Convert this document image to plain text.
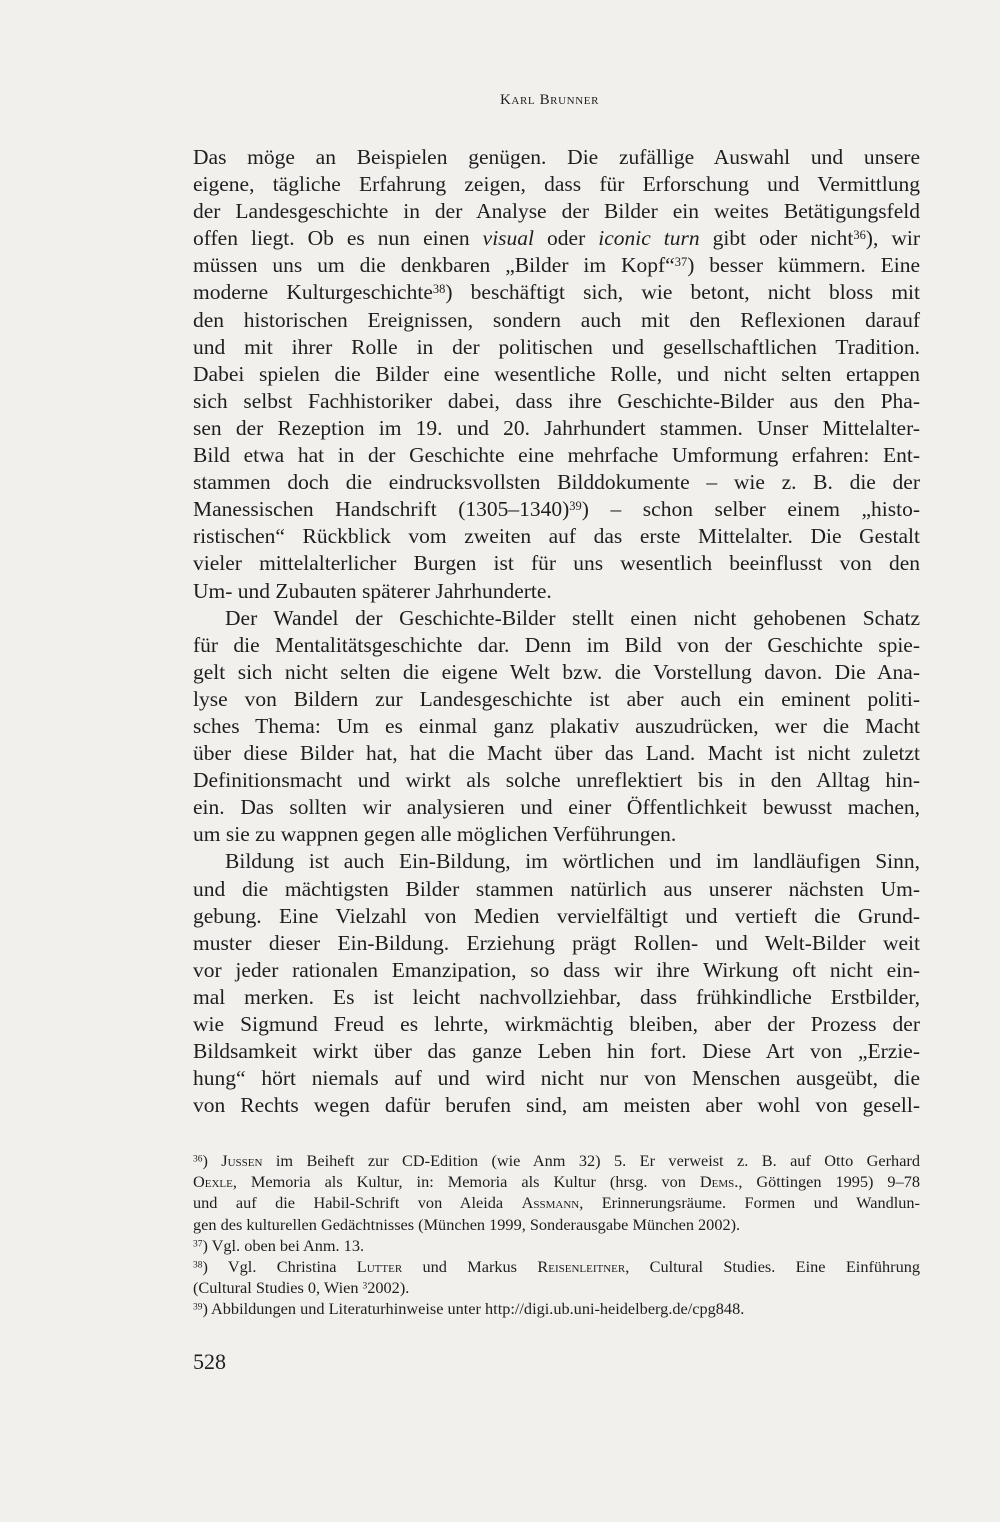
Karl Brunner
Das möge an Beispielen genügen. Die zufällige Auswahl und unsere
eigene, tägliche Erfahrung zeigen, dass für Erforschung und Vermittlung
der Landesgeschichte in der Analyse der Bilder ein weites Betätigungsfeld
offen liegt. Ob es nun einen visual oder iconic turn gibt oder nicht$^{36}$), wir
müssen uns um die denkbaren „Bilder im Kopf“$^{37}$) besser kümmern. Eine
moderne Kulturgeschichte$^{38}$) beschäftigt sich, wie betont, nicht bloss mit
den historischen Ereignissen, sondern auch mit den Reflexionen darauf
und mit ihrer Rolle in der politischen und gesellschaftlichen Tradition.
Dabei spielen die Bilder eine wesentliche Rolle, und nicht selten ertappen
sich selbst Fachhistoriker dabei, dass ihre Geschichte-Bilder aus den Pha-
sen der Rezeption im 19. und 20. Jahrhundert stammen. Unser Mittelalter-
Bild etwa hat in der Geschichte eine mehrfache Umformung erfahren: Ent-
stammen doch die eindrucksvollsten Bilddokumente – wie z. B. die der
Manessischen Handschrift (1305–1340)$^{39}$) – schon selber einem „histo-
ristischen“ Rückblick vom zweiten auf das erste Mittelalter. Die Gestalt
vieler mittelalterlicher Burgen ist für uns wesentlich beeinflusst von den
Um- und Zubauten späterer Jahrhunderte.
Der Wandel der Geschichte-Bilder stellt einen nicht gehobenen Schatz
für die Mentalitätsgeschichte dar. Denn im Bild von der Geschichte spie-
gelt sich nicht selten die eigene Welt bzw. die Vorstellung davon. Die Ana-
lyse von Bildern zur Landesgeschichte ist aber auch ein eminent politi-
sches Thema: Um es einmal ganz plakativ auszudrücken, wer die Macht
über diese Bilder hat, hat die Macht über das Land. Macht ist nicht zuletzt
Definitionsmacht und wirkt als solche unreflektiert bis in den Alltag hin-
ein. Das sollten wir analysieren und einer Öffentlichkeit bewusst machen,
um sie zu wappnen gegen alle möglichen Verführungen.
Bildung ist auch Ein-Bildung, im wörtlichen und im landläufigen Sinn,
und die mächtigsten Bilder stammen natürlich aus unserer nächsten Um-
gebung. Eine Vielzahl von Medien vervielfältigt und vertieft die Grund-
muster dieser Ein-Bildung. Erziehung prägt Rollen- und Welt-Bilder weit
vor jeder rationalen Emanzipation, so dass wir ihre Wirkung oft nicht ein-
mal merken. Es ist leicht nachvollziehbar, dass frühkindliche Erstbilder,
wie Sigmund Freud es lehrte, wirkmächtig bleiben, aber der Prozess der
Bildsamkeit wirkt über das ganze Leben hin fort. Diese Art von „Erzie-
hung“ hört niemals auf und wird nicht nur von Menschen ausgeübt, die
von Rechts wegen dafür berufen sind, am meisten aber wohl von gesell-
$^{36}$) Jussen im Beiheft zur CD-Edition (wie Anm 32) 5. Er verweist z. B. auf Otto Gerhard
Oexle, Memoria als Kultur, in: Memoria als Kultur (hrsg. von Dems., Göttingen 1995) 9–78
und auf die Habil-Schrift von Aleida Assmann, Erinnerungsräume. Formen und Wandlun-
gen des kulturellen Gedächtnisses (München 1999, Sonderausgabe München 2002).
$^{37}$) Vgl. oben bei Anm. 13.
$^{38}$) Vgl. Christina Lutter und Markus Reisenleitner, Cultural Studies. Eine Einführung
(Cultural Studies 0, Wien $^3$2002).
$^{39}$) Abbildungen und Literaturhinweise unter http://digi.ub.uni-heidelberg.de/cpg848.
528
